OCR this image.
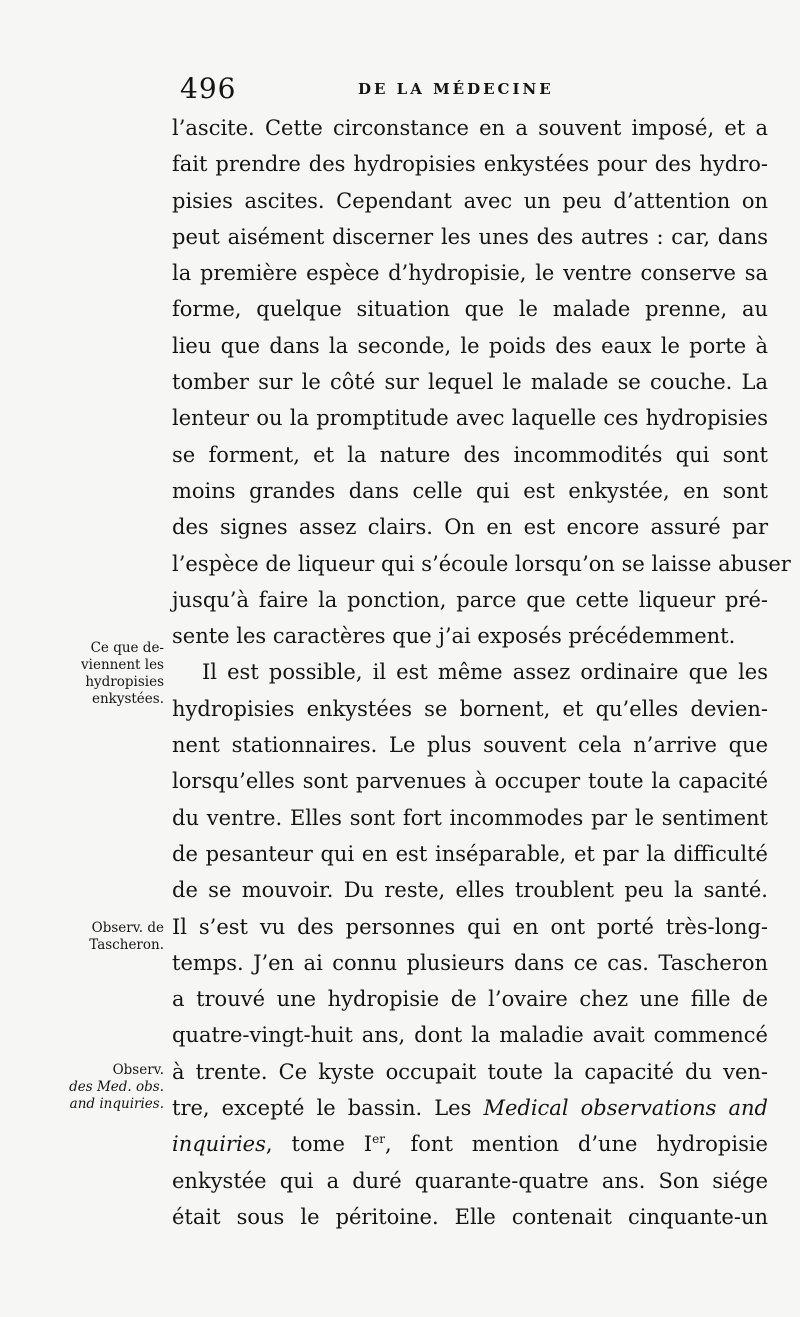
496	DE LA MÉDECINE
l’ascite. Cette circonstance en a souvent imposé, et a
fait prendre des hydropisies enkystées pour des hydro-
pisies ascites. Cependant avec un peu d’attention on
peut aisément discerner les unes des autres : car, dans
la première espèce d’hydropisie, le ventre conserve sa
forme, quelque situation que le malade prenne, au
lieu que dans la seconde, le poids des eaux le porte à
tomber sur le côté sur lequel le malade se couche. La
lenteur ou la promptitude avec laquelle ces hydropisies
se forment, et la nature des incommodités qui sont
moins grandes dans celle qui est enkystée, en sont
des signes assez clairs. On en est encore assuré par
l’espèce de liqueur qui s’écoule lorsqu’on se laisse abuser
jusqu’à faire la ponction, parce que cette liqueur pré-
sente les caractères que j’ai exposés précédemment.
Il est possible, il est même assez ordinaire que les
hydropisies enkystées se bornent, et qu’elles devien-
nent stationnaires. Le plus souvent cela n’arrive que
lorsqu’elles sont parvenues à occuper toute la capacité
du ventre. Elles sont fort incommodes par le sentiment
de pesanteur qui en est inséparable, et par la difficulté
de se mouvoir. Du reste, elles troublent peu la santé.
Il s’est vu des personnes qui en ont porté très-long-
temps. J’en ai connu plusieurs dans ce cas. Tascheron
a trouvé une hydropisie de l’ovaire chez une fille de
quatre-vingt-huit ans, dont la maladie avait commencé
à trente. Ce kyste occupait toute la capacité du ven-
tre, excepté le bassin. Les Medical observations and
inquiries, tome Ier, font mention d’une hydropisie
enkystée qui a duré quarante-quatre ans. Son siége
était sous le péritoine. Elle contenait cinquante-un
Ce que de-
viennent les
hydropisies
enkystées.
Observ. de
Tascheron.
Observ.
des Med. obs.
and inquiries.
